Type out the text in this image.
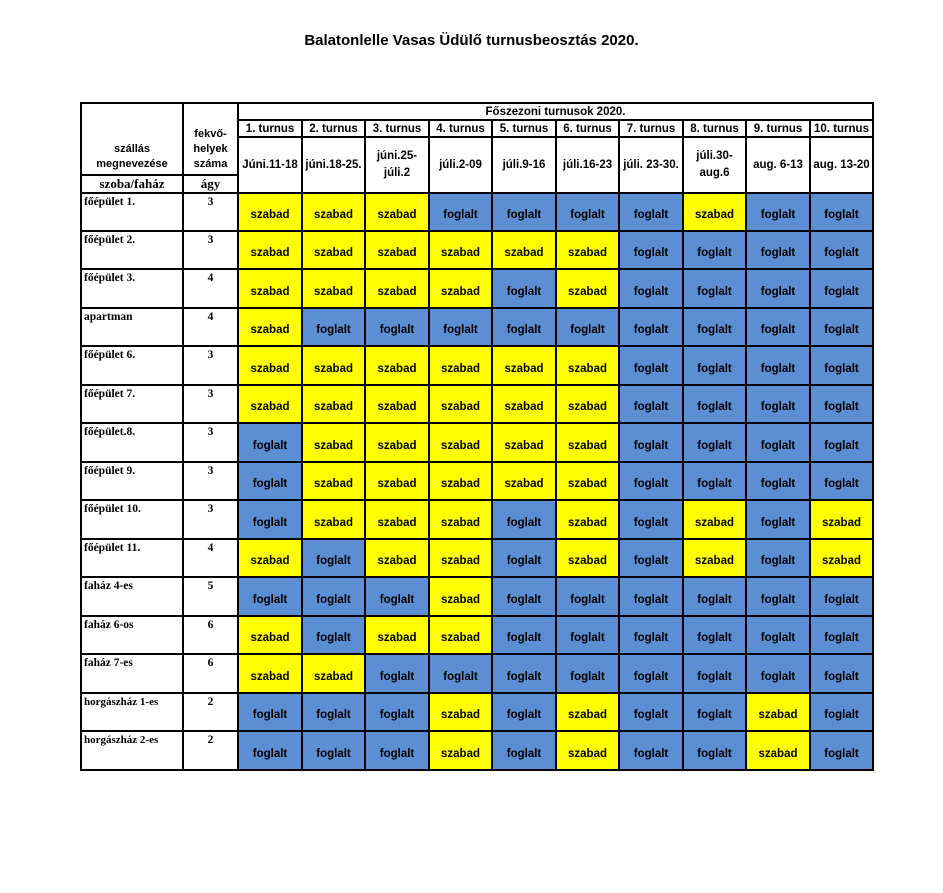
Balatonlelle Vasas Üdülő turnusbeosztás 2020.
szállás megnevezése	fekvő-helyek száma	Főszezoni turnusok 2020.									
		1. turnus	2. turnus	3. turnus	4. turnus	5. turnus	6. turnus	7. turnus	8. turnus	9. turnus	10. turnus
		Júni.11-18	júni.18-25.	júni.25-júli.2	júli.2-09	júli.9-16	júli.16-23	júli. 23-30.	júli.30-aug.6	aug. 6-13	aug. 13-20
szoba/faház	ágy										
főépület 1.	3	szabad	szabad	szabad	foglalt	foglalt	foglalt	foglalt	szabad	foglalt	foglalt
főépület 2.	3	szabad	szabad	szabad	szabad	szabad	szabad	foglalt	foglalt	foglalt	foglalt
főépület 3.	4	szabad	szabad	szabad	szabad	foglalt	szabad	foglalt	foglalt	foglalt	foglalt
apartman	4	szabad	foglalt	foglalt	foglalt	foglalt	foglalt	foglalt	foglalt	foglalt	foglalt
főépület 6.	3	szabad	szabad	szabad	szabad	szabad	szabad	foglalt	foglalt	foglalt	foglalt
főépület 7.	3	szabad	szabad	szabad	szabad	szabad	szabad	foglalt	foglalt	foglalt	foglalt
főépület.8.	3	foglalt	szabad	szabad	szabad	szabad	szabad	foglalt	foglalt	foglalt	foglalt
főépület 9.	3	foglalt	szabad	szabad	szabad	szabad	szabad	foglalt	foglalt	foglalt	foglalt
főépület 10.	3	foglalt	szabad	szabad	szabad	foglalt	szabad	foglalt	szabad	foglalt	szabad
főépület 11.	4	szabad	foglalt	szabad	szabad	foglalt	szabad	foglalt	szabad	foglalt	szabad
faház 4-es	5	foglalt	foglalt	foglalt	szabad	foglalt	foglalt	foglalt	foglalt	foglalt	foglalt
faház 6-os	6	szabad	foglalt	szabad	szabad	foglalt	foglalt	foglalt	foglalt	foglalt	foglalt
faház 7-es	6	szabad	szabad	foglalt	foglalt	foglalt	foglalt	foglalt	foglalt	foglalt	foglalt
horgászház 1-es	2	foglalt	foglalt	foglalt	szabad	foglalt	szabad	foglalt	foglalt	szabad	foglalt
horgászház 2-es	2	foglalt	foglalt	foglalt	szabad	foglalt	szabad	foglalt	foglalt	szabad	foglalt
